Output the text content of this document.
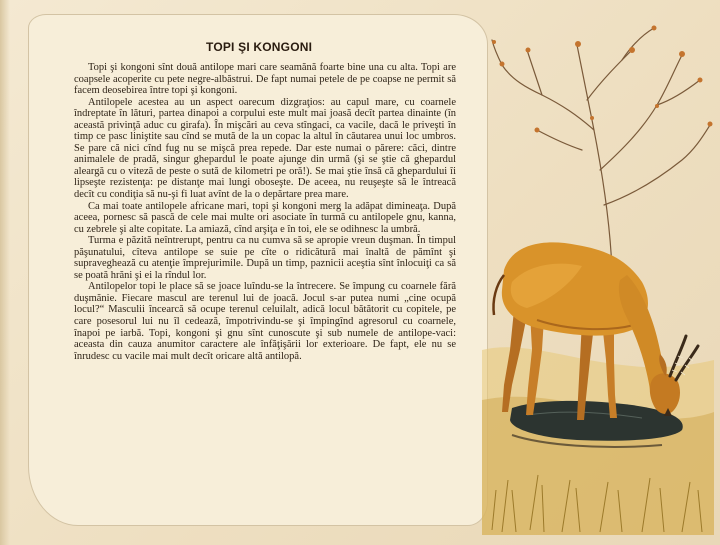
TOPI ŞI KONGONI

Topi şi kongoni sînt două antilope mari care seamănă foarte bine una cu alta. Topi are coapsele acoperite cu pete negre-albăstrui. De fapt numai petele de pe coapse ne permit să facem deosebirea între topi şi kongoni.

Antilopele acestea au un aspect oarecum dizgraţios: au capul mare, cu coarnele îndreptate în lături, partea dinapoi a corpului este mult mai joasă decît partea dinainte (în această privinţă aduc cu girafa). În mişcări au ceva stîngaci, ca vacile, dacă le priveşti în timp ce pasc liniştite sau cînd se mută de la un copac la altul în căutarea unui loc umbros. Se pare că nici cînd fug nu se mişcă prea repede. Dar este numai o părere: căci, dintre animalele de pradă, singur ghepardul le poate ajunge din urmă (şi se ştie că ghepardul aleargă cu o viteză de peste o sută de kilometri pe oră!). Se mai ştie însă că ghepardului îi lipseşte rezistenţa: pe distanţe mai lungi oboseşte. De aceea, nu reuşeşte să le întreacă decît cu condiţia să nu-şi fi luat avînt de la o depărtare prea mare.

Ca mai toate antilopele africane mari, topi şi kongoni merg la adăpat dimineaţa. După aceea, pornesc să pască de cele mai multe ori asociate în turmă cu antilopele gnu, kanna, cu zebrele şi alte copitate. La amiază, cînd arşiţa e în toi, ele se odihnesc la umbră.

Turma e păzită neîntrerupt, pentru ca nu cumva să se apropie vreun duşman. În timpul păşunatului, cîteva antilope se suie pe cîte o ridicătură mai înaltă de pămînt şi supraveghează cu atenţie împrejurimile. După un timp, paznicii aceştia sînt înlocuiţi ca să se poată hrăni şi ei la rîndul lor.

Antilopelor topi le place să se joace luîndu-se la întrecere. Se împung cu coarnele fără duşmănie. Fiecare mascul are terenul lui de joacă. Jocul s-ar putea numi „cine ocupă locul?“ Masculii încearcă să ocupe terenul celuilalt, adică locul bătătorit cu copitele, pe care posesorul lui nu îl cedează, împotrivindu-se şi împingînd agresorul cu coarnele, înapoi pe iarbă. Topi, kongoni şi gnu sînt cunoscute şi sub numele de antilope-vaci: aceasta din cauza anumitor caractere ale înfăţişării lor exterioare. De fapt, ele nu se înrudesc cu vacile mai mult decît oricare altă antilopă.
